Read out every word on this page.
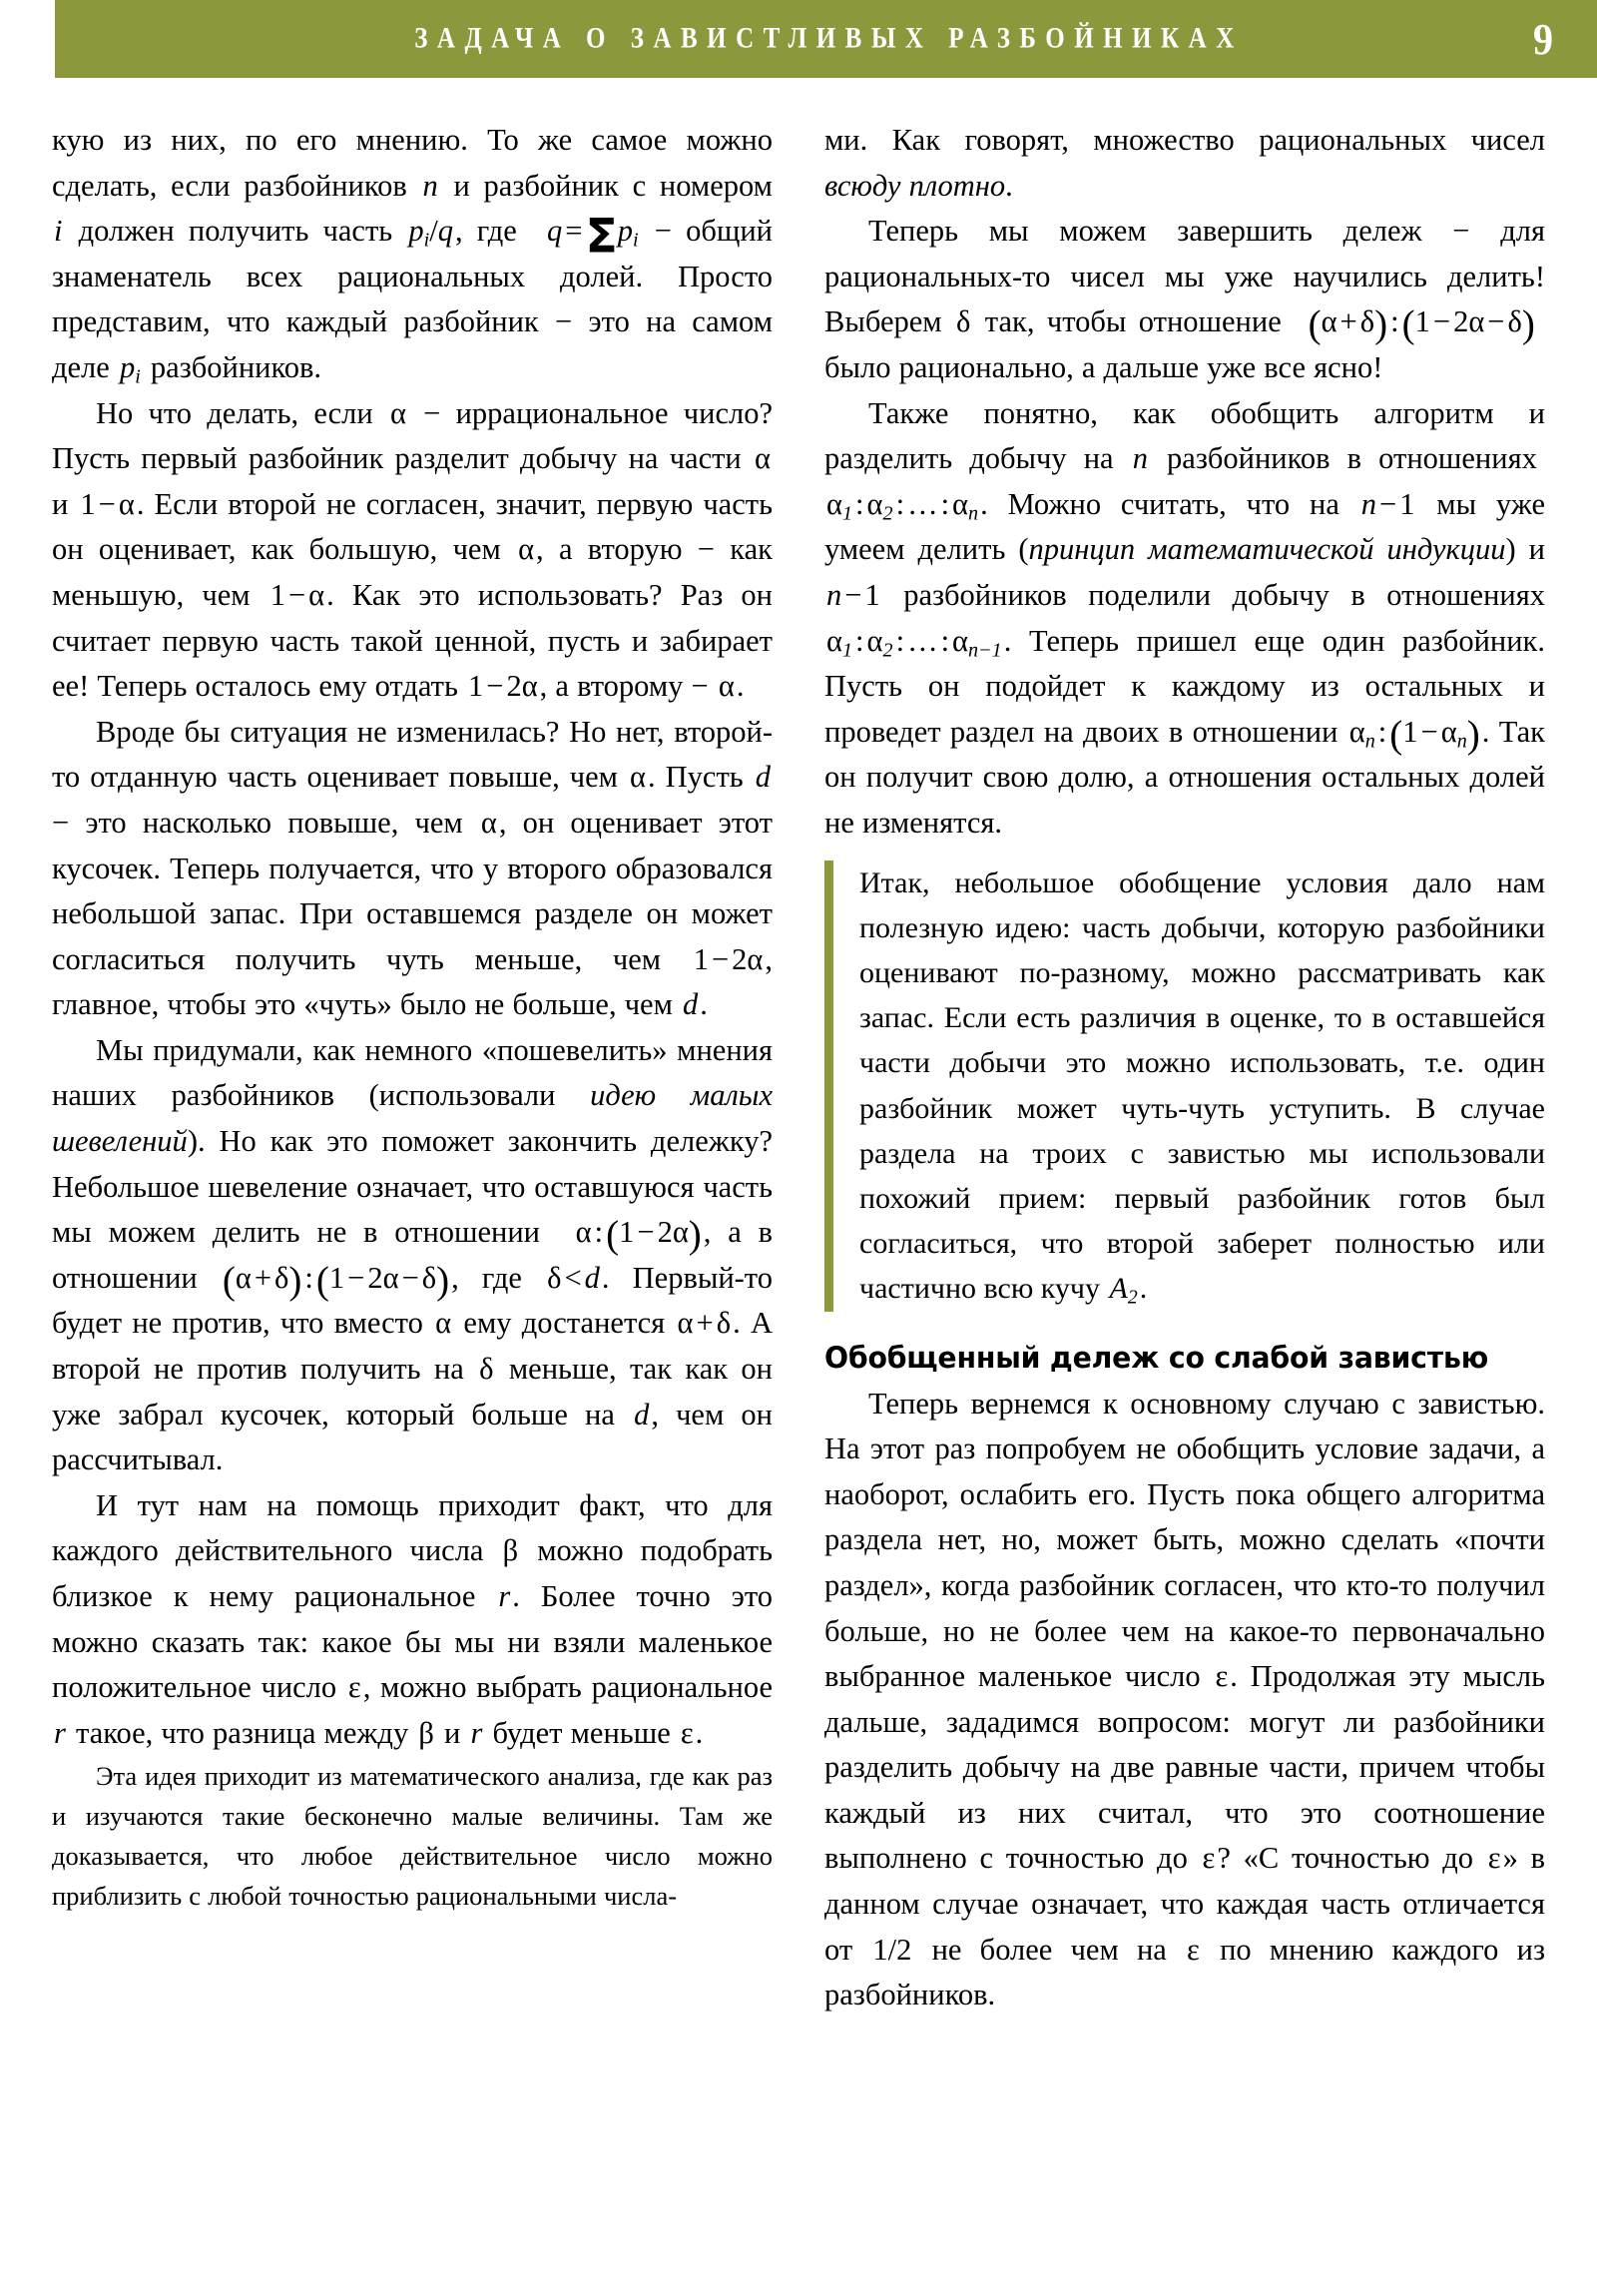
ЗАДАЧА О ЗАВИСТЛИВЫХ РАЗБОЙНИКАХ	9

кую из них, по его мнению. То же самое можно сделать, если разбойников n и разбойник с номером i должен получить часть $p_i/q$, где  $q=\Sigma p_i$ − общий знаменатель всех рациональных долей. Просто представим, что каждый разбойник − это на самом деле $p_i$ разбойников.

Но что делать, если α − иррациональное число? Пусть первый разбойник разделит добычу на части α и 1−α. Если второй не согласен, значит, первую часть он оценивает, как большую, чем α, а вторую − как меньшую, чем 1−α. Как это использовать? Раз он считает первую часть такой ценной, пусть и забирает ее! Теперь осталось ему отдать 1−2α, а второму − α.

Вроде бы ситуация не изменилась? Но нет, второй-то отданную часть оценивает повыше, чем α. Пусть d − это насколько повыше, чем α, он оценивает этот кусочек. Теперь получается, что у второго образовался небольшой запас. При оставшемся разделе он может согласиться получить чуть меньше, чем 1−2α, главное, чтобы это «чуть» было не больше, чем d.

Мы придумали, как немного «пошевелить» мнения наших разбойников (использовали идею малых шевелений). Но как это поможет закончить дележку? Небольшое шевеление означает, что оставшуюся часть мы можем делить не в отношении  α:(1−2α), а в отношении (α+δ):(1−2α−δ), где δ<d. Первый-то будет не против, что вместо α ему достанется α+δ. А второй не против получить на δ меньше, так как он уже забрал кусочек, который больше на d, чем он рассчитывал.

И тут нам на помощь приходит факт, что для каждого действительного числа β можно подобрать близкое к нему рациональное r. Более точно это можно сказать так: какое бы мы ни взяли маленькое положительное число ε, можно выбрать рациональное r такое, что разница между β и r будет меньше ε.

Эта идея приходит из математического анализа, где как раз и изучаются такие бесконечно малые величины. Там же доказывается, что любое действительное число можно приблизить с любой точностью рациональными числа-

ми. Как говорят, множество рациональных чисел всюду плотно.

Теперь мы можем завершить дележ − для рациональных-то чисел мы уже научились делить! Выберем δ так, чтобы отношение  (α+δ):(1−2α−δ)  было рационально, а дальше уже все ясно!

Также понятно, как обобщить алгоритм и разделить добычу на n разбойников в отношениях  $\alpha_1:\alpha_2:\dots:\alpha_n$. Можно считать, что на n−1 мы уже умеем делить (принцип математической индукции) и n−1 разбойников поделили добычу в отношениях $\alpha_1:\alpha_2:\dots:\alpha_{n-1}$. Теперь пришел еще один разбойник. Пусть он подойдет к каждому из остальных и проведет раздел на двоих в отношении $\alpha_n:(1-\alpha_n)$. Так он получит свою долю, а отношения остальных долей не изменятся.

Итак, небольшое обобщение условия дало нам полезную идею: часть добычи, которую разбойники оценивают по-разному, можно рассматривать как запас. Если есть различия в оценке, то в оставшейся части добычи это можно использовать, т.е. один разбойник может чуть-чуть уступить. В случае раздела на троих с завистью мы использовали похожий прием: первый разбойник готов был согласиться, что второй заберет полностью или частично всю кучу $A_2$.

Обобщенный дележ со слабой завистью

Теперь вернемся к основному случаю с завистью. На этот раз попробуем не обобщить условие задачи, а наоборот, ослабить его. Пусть пока общего алгоритма раздела нет, но, может быть, можно сделать «почти раздел», когда разбойник согласен, что кто-то получил больше, но не более чем на какое-то первоначально выбранное маленькое число ε. Продолжая эту мысль дальше, зададимся вопросом: могут ли разбойники разделить добычу на две равные части, причем чтобы каждый из них считал, что это соотношение выполнено с точностью до ε? «С точностью до ε» в данном случае означает, что каждая часть отличается от 1/2 не более чем на ε по мнению каждого из разбойников.
